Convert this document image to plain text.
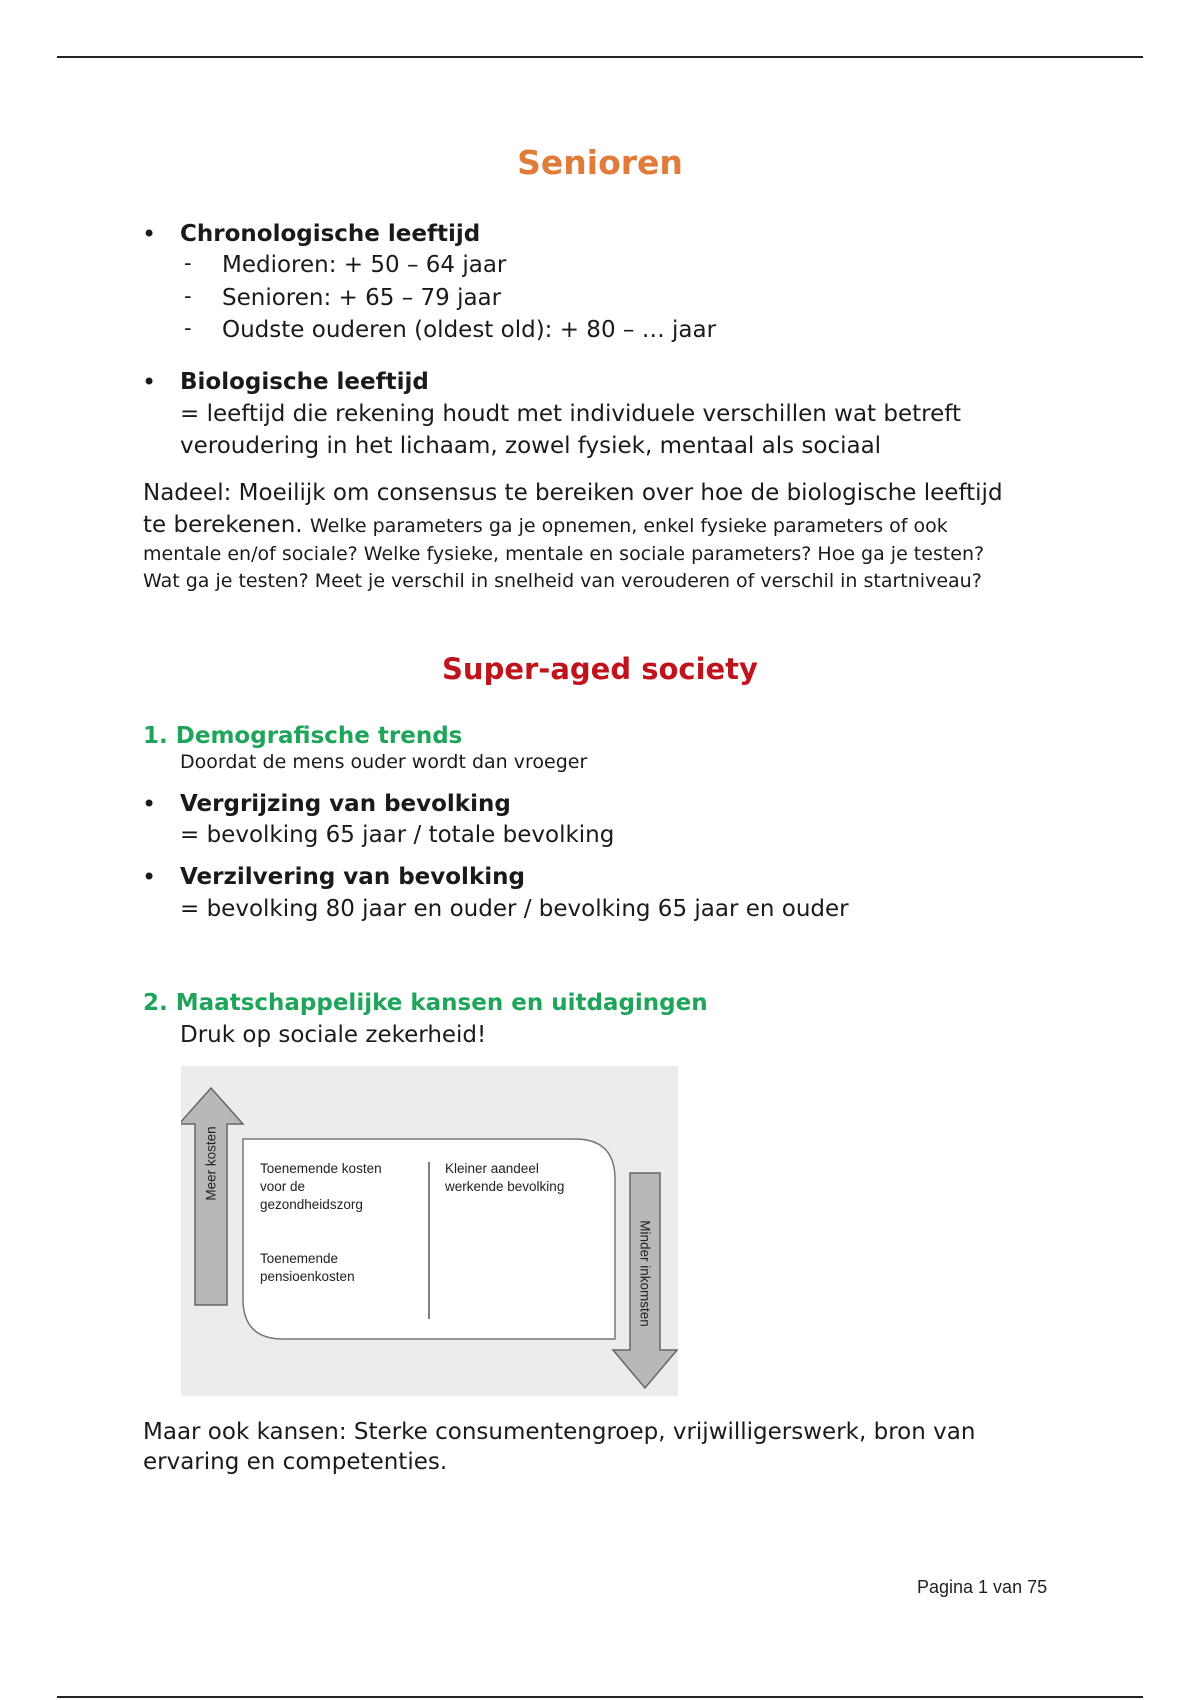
Senioren
• Chronologische leeftijd

- Medioren: + 50 – 64 jaar

- Senioren: + 65 – 79 jaar

- Oudste ouderen (oldest old): + 80 – … jaar

• Biologische leeftijd

= leeftijd die rekening houdt met individuele verschillen wat betreft

veroudering in het lichaam, zowel fysiek, mentaal als sociaal

Nadeel: Moeilijk om consensus te bereiken over hoe de biologische leeftijd

te berekenen. Welke parameters ga je opnemen, enkel fysieke parameters of ook

mentale en/of sociale? Welke fysieke, mentale en sociale parameters? Hoe ga je testen?

Wat ga je testen? Meet je verschil in snelheid van verouderen of verschil in startniveau?

Super-aged society

1. Demografische trends

Doordat de mens ouder wordt dan vroeger

• Vergrijzing van bevolking

= bevolking 65 jaar / totale bevolking

• Verzilvering van bevolking

= bevolking 80 jaar en ouder / bevolking 65 jaar en ouder

2. Maatschappelijke kansen en uitdagingen

Druk op sociale zekerheid!

Toenemende kosten
voor de
gezondheidszorg
Toenemende
pensioenkosten
Kleiner aandeel
werkende bevolking
Meer kosten
Minder inkomsten

Maar ook kansen: Sterke consumentengroep, vrijwilligerswerk, bron van

ervaring en competenties.

Pagina 1 van 75
